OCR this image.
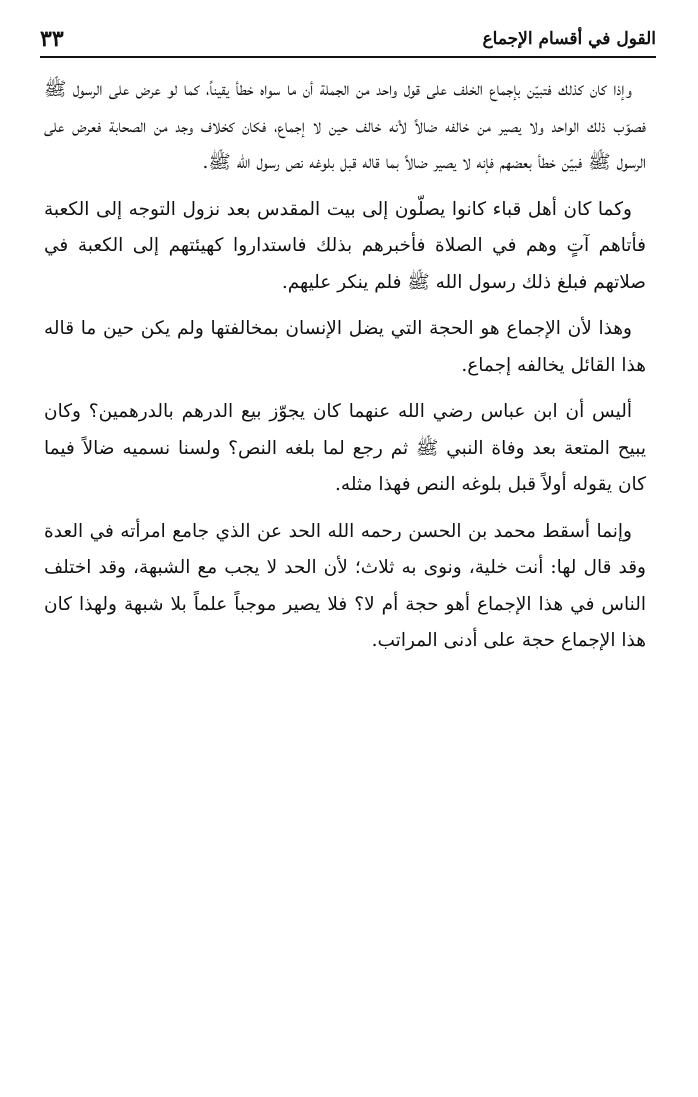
القول في أقسام الإجماع
٣٣

وإذا كان كذلك فتبيّن بإجماع الخلف على قول واحد من الجملة أن ما سواه خطأ يقيناً، كما لو عرض على الرسول ﷺ فصوّب ذلك الواحد ولا يصير من خالفه ضالاً لأنه خالف حين لا إجماع، فكان كخلاف وجد من الصحابة فعرض على الرسول ﷺ فبيّن خطأ بعضهم فإنه لا يصير ضالاً بما قاله قبل بلوغه نص رسول الله ﷺ.

وكما كان أهل قباء كانوا يصلّون إلى بيت المقدس بعد نزول التوجه إلى الكعبة فأتاهم آتٍ وهم في الصلاة فأخبرهم بذلك فاستداروا كهيئتهم إلى الكعبة في صلاتهم فبلغ ذلك رسول الله ﷺ فلم ينكر عليهم.

وهذا لأن الإجماع هو الحجة التي يضل الإنسان بمخالفتها ولم يكن حين ما قاله هذا القائل يخالفه إجماع.

أليس أن ابن عباس رضي الله عنهما كان يجوّز بيع الدرهم بالدرهمين؟ وكان يبيح المتعة بعد وفاة النبي ﷺ ثم رجع لما بلغه النص؟ ولسنا نسميه ضالاً فيما كان يقوله أولاً قبل بلوغه النص فهذا مثله.

وإنما أسقط محمد بن الحسن رحمه الله الحد عن الذي جامع امرأته في العدة وقد قال لها: أنت خلية، ونوى به ثلاث؛ لأن الحد لا يجب مع الشبهة، وقد اختلف الناس في هذا الإجماع أهو حجة أم لا؟ فلا يصير موجباً علماً بلا شبهة ولهذا كان هذا الإجماع حجة على أدنى المراتب.
